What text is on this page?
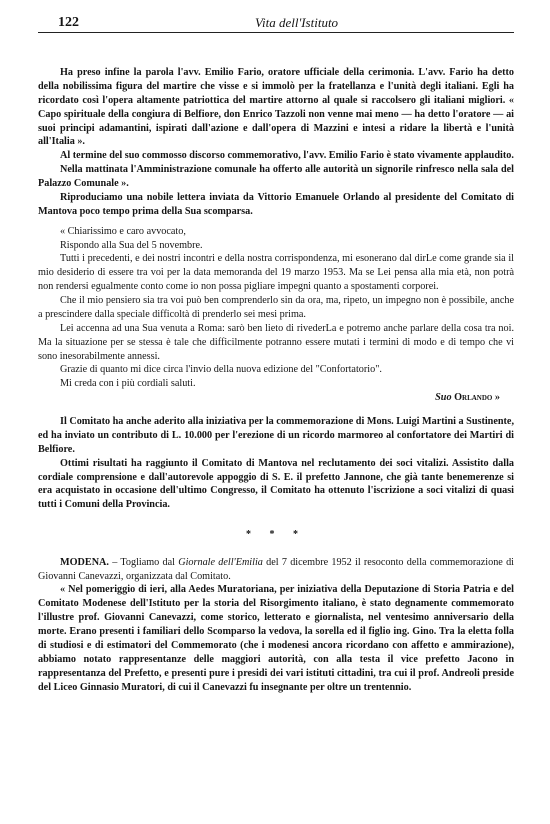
122	Vita dell'Istituto

Ha preso infine la parola l'avv. Emilio Fario, oratore ufficiale della cerimonia. L'avv. Fario ha detto della nobilissima figura del martire che visse e si immolò per la fratellanza e l'unità degli italiani. Egli ha ricordato così l'opera altamente patriottica del martire attorno al quale si raccolsero gli italiani migliori. « Capo spirituale della congiura di Belfiore, don Enrico Tazzoli non venne mai meno — ha detto l'oratore — ai suoi principi adamantini, ispirati dall'azione e dall'opera di Mazzini e intesi a ridare la libertà e l'unità all'Italia ».

Al termine del suo commosso discorso commemorativo, l'avv. Emilio Fario è stato vivamente applaudito.

Nella mattinata l'Amministrazione comunale ha offerto alle autorità un signorile rinfresco nella sala del Palazzo Comunale ».

Riproduciamo una nobile lettera inviata da Vittorio Emanuele Orlando al presidente del Comitato di Mantova poco tempo prima della Sua scomparsa.

« Chiarissimo e caro avvocato,

Rispondo alla Sua del 5 novembre.

Tutti i precedenti, e dei nostri incontri e della nostra corrispondenza, mi esonerano dal dirLe come grande sia il mio desiderio di essere tra voi per la data memoranda del 19 marzo 1953. Ma se Lei pensa alla mia età, non potrà non rendersi egualmente conto come io non possa pigliare impegni quanto a spostamenti corporei.

Che il mio pensiero sia tra voi può ben comprenderlo sin da ora, ma, ripeto, un impegno non è possibile, anche a prescindere dalla speciale difficoltà di prenderlo sei mesi prima.

Lei accenna ad una Sua venuta a Roma: sarò ben lieto di rivederLa e potremo anche parlare della cosa tra noi. Ma la situazione per se stessa è tale che difficilmente potranno essere mutati i termini di modo e di tempo che vi sono inesorabilmente annessi.

Grazie di quanto mi dice circa l'invio della nuova edizione del "Confortatorio".

Mi creda con i più cordiali saluti.

Suo Orlando »

Il Comitato ha anche aderito alla iniziativa per la commemorazione di Mons. Luigi Martini a Sustinente, ed ha inviato un contributo di L. 10.000 per l'erezione di un ricordo marmoreo al confortatore dei Martiri di Belfiore.

Ottimi risultati ha raggiunto il Comitato di Mantova nel reclutamento dei soci vitalizi. Assistito dalla cordiale comprensione e dall'autorevole appoggio di S. E. il prefetto Jannone, che già tante benemerenze si era acquistato in occasione dell'ultimo Congresso, il Comitato ha ottenuto l'iscrizione a soci vitalizi di quasi tutti i Comuni della Provincia.

* * *

MODENA. – Togliamo dal Giornale dell'Emilia del 7 dicembre 1952 il resoconto della commemorazione di Giovanni Canevazzi, organizzata dal Comitato.

« Nel pomeriggio di ieri, alla Aedes Muratoriana, per iniziativa della Deputazione di Storia Patria e del Comitato Modenese dell'Istituto per la storia del Risorgimento italiano, è stato degnamente commemorato l'illustre prof. Giovanni Canevazzi, come storico, letterato e giornalista, nel ventesimo anniversario della morte. Erano presenti i familiari dello Scomparso la vedova, la sorella ed il figlio ing. Gino. Tra la eletta folla di studiosi e di estimatori del Commemorato (che i modenesi ancora ricordano con affetto e ammirazione), abbiamo notato rappresentanze delle maggiori autorità, con alla testa il vice prefetto Jacono in rappresentanza del Prefetto, e presenti pure i presidi dei vari istituti cittadini, tra cui il prof. Andreoli preside del Liceo Ginnasio Muratori, di cui il Canevazzi fu insegnante per oltre un trentennio.
